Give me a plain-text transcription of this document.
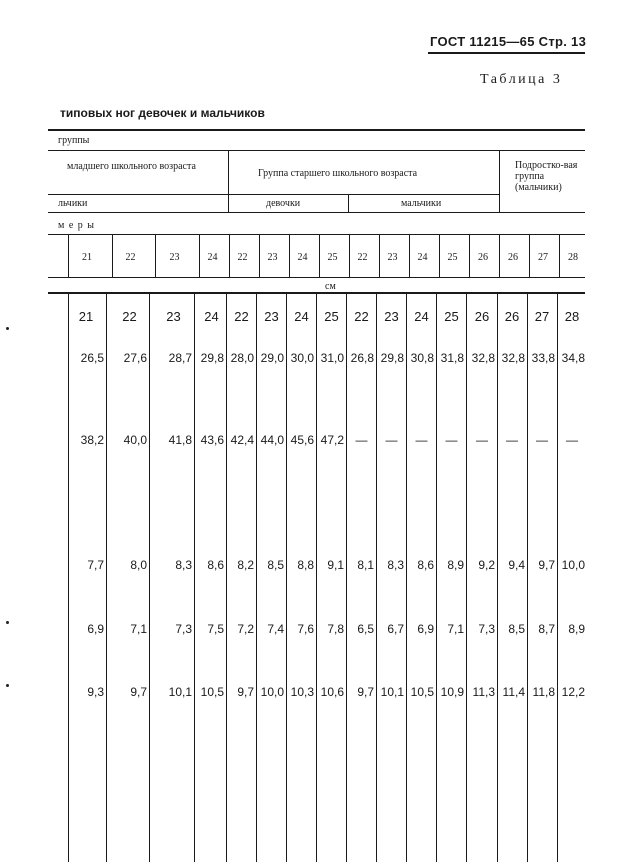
ГОСТ 11215—65 Стр. 13
Таблица 3
типовых ног девочек и мальчиков
группы
младшего школьного возраста
Группа старшего школьного возраста
Подростко-вая группа (мальчики)
льчики	девочки	мальчики
м е р ы
21	22	23	24	22	23	24	25	22	23	24	25	26	26	27	28
см
21	22	23	24	22	23	24	25	22	23	24	25	26	26	27	28
26,5	27,6	28,7 29,8 28,0 29,0 30,0 31,0 26,8 29,8 30,8 31,8 32,8 32,8 33,8 34,8
38,2	40,0	41,8 43,6 42,4 44,0 45,6 47,2 —	—	—	—	—	—	—	—
7,7	8,0	8,3	8,6	8,2	8,5	8,8	9,1	8,1	8,3	8,6	8,9	9,2	9,4	9,7 10,0
6,9	7,1	7,3	7,5	7,2	7,4	7,6	7,8	6,5	6,7	6,9	7,1	7,3	8,5	8,7	8,9
9,3	9,7	10,1 10,5	9,7 10,0 10,3 10,6	9,7 10,1 10,5 10,9 11,3 11,4 11,8 12,2
